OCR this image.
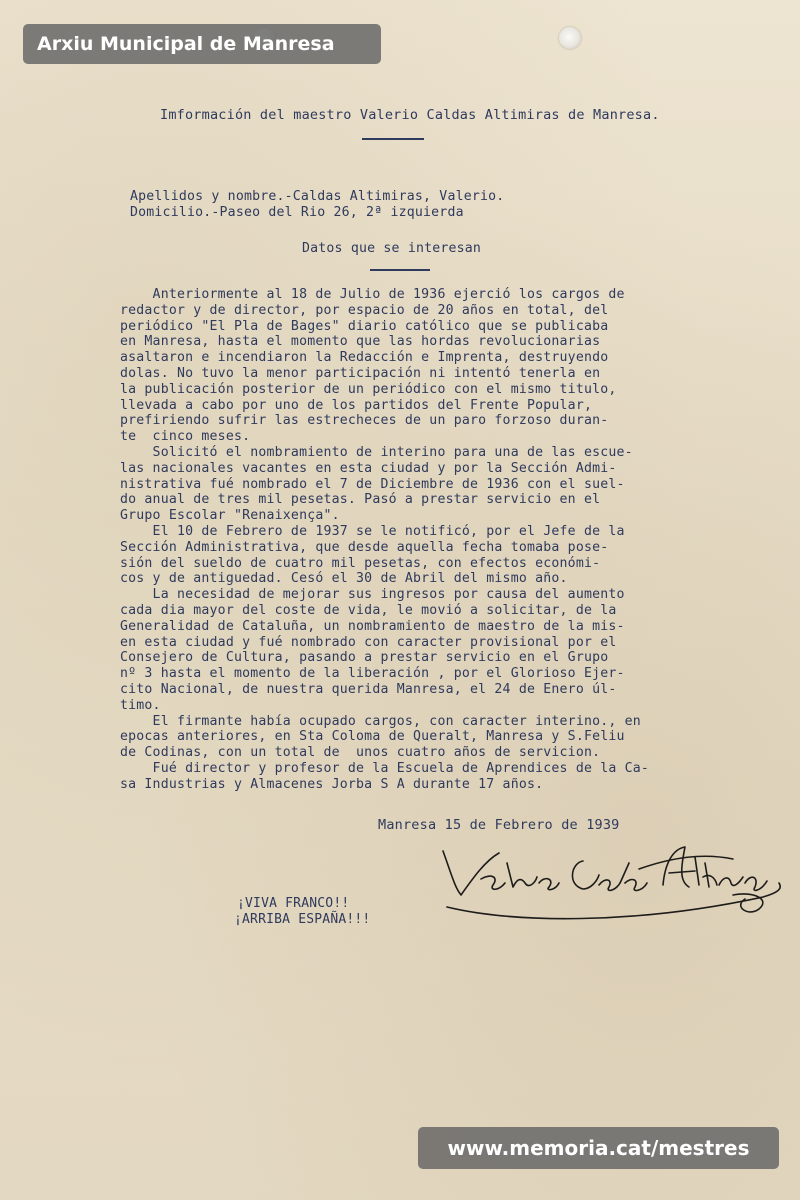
Arxiu Municipal de Manresa
Imformación del maestro Valerio Caldas Altimiras de Manresa.
Apellidos y nombre.-Caldas Altimiras, Valerio.
Domicilio.-Paseo del Rio 26, 2ª izquierda
Datos que se interesan
Anteriormente al 18 de Julio de 1936 ejerció los cargos de
redactor y de director, por espacio de 20 años en total, del
periódico "El Pla de Bages" diario católico que se publicaba
en Manresa, hasta el momento que las hordas revolucionarias
asaltaron e incendiaron la Redacción e Imprenta, destruyendo
dolas. No tuvo la menor participación ni intentó tenerla en
la publicación posterior de un periódico con el mismo titulo,
llevada a cabo por uno de los partidos del Frente Popular,
prefiriendo sufrir las estrecheces de un paro forzoso duran-
te  cinco meses.
Solicitó el nombramiento de interino para una de las escue-
las nacionales vacantes en esta ciudad y por la Sección Admi-
nistrativa fué nombrado el 7 de Diciembre de 1936 con el suel-
do anual de tres mil pesetas. Pasó a prestar servicio en el
Grupo Escolar "Renaixença".
El 10 de Febrero de 1937 se le notificó, por el Jefe de la
Sección Administrativa, que desde aquella fecha tomaba pose-
sión del sueldo de cuatro mil pesetas, con efectos económi-
cos y de antiguedad. Cesó el 30 de Abril del mismo año.
La necesidad de mejorar sus ingresos por causa del aumento
cada dia mayor del coste de vida, le movió a solicitar, de la
Generalidad de Cataluña, un nombramiento de maestro de la mis-
en esta ciudad y fué nombrado con caracter provisional por el
Consejero de Cultura, pasando a prestar servicio en el Grupo
nº 3 hasta el momento de la liberación , por el Glorioso Ejer-
cito Nacional, de nuestra querida Manresa, el 24 de Enero úl-
timo.
El firmante había ocupado cargos, con caracter interino., en
epocas anteriores, en Sta Coloma de Queralt, Manresa y S.Feliu
de Codinas, con un total de  unos cuatro años de servicion.
Fué director y profesor de la Escuela de Aprendices de la Ca-
sa Industrias y Almacenes Jorba S A durante 17 años.
Manresa 15 de Febrero de 1939
Valerio Caldas Altimiras
¡VIVA FRANCO!!
¡ARRIBA ESPAÑA!!!
www.memoria.cat/mestres
